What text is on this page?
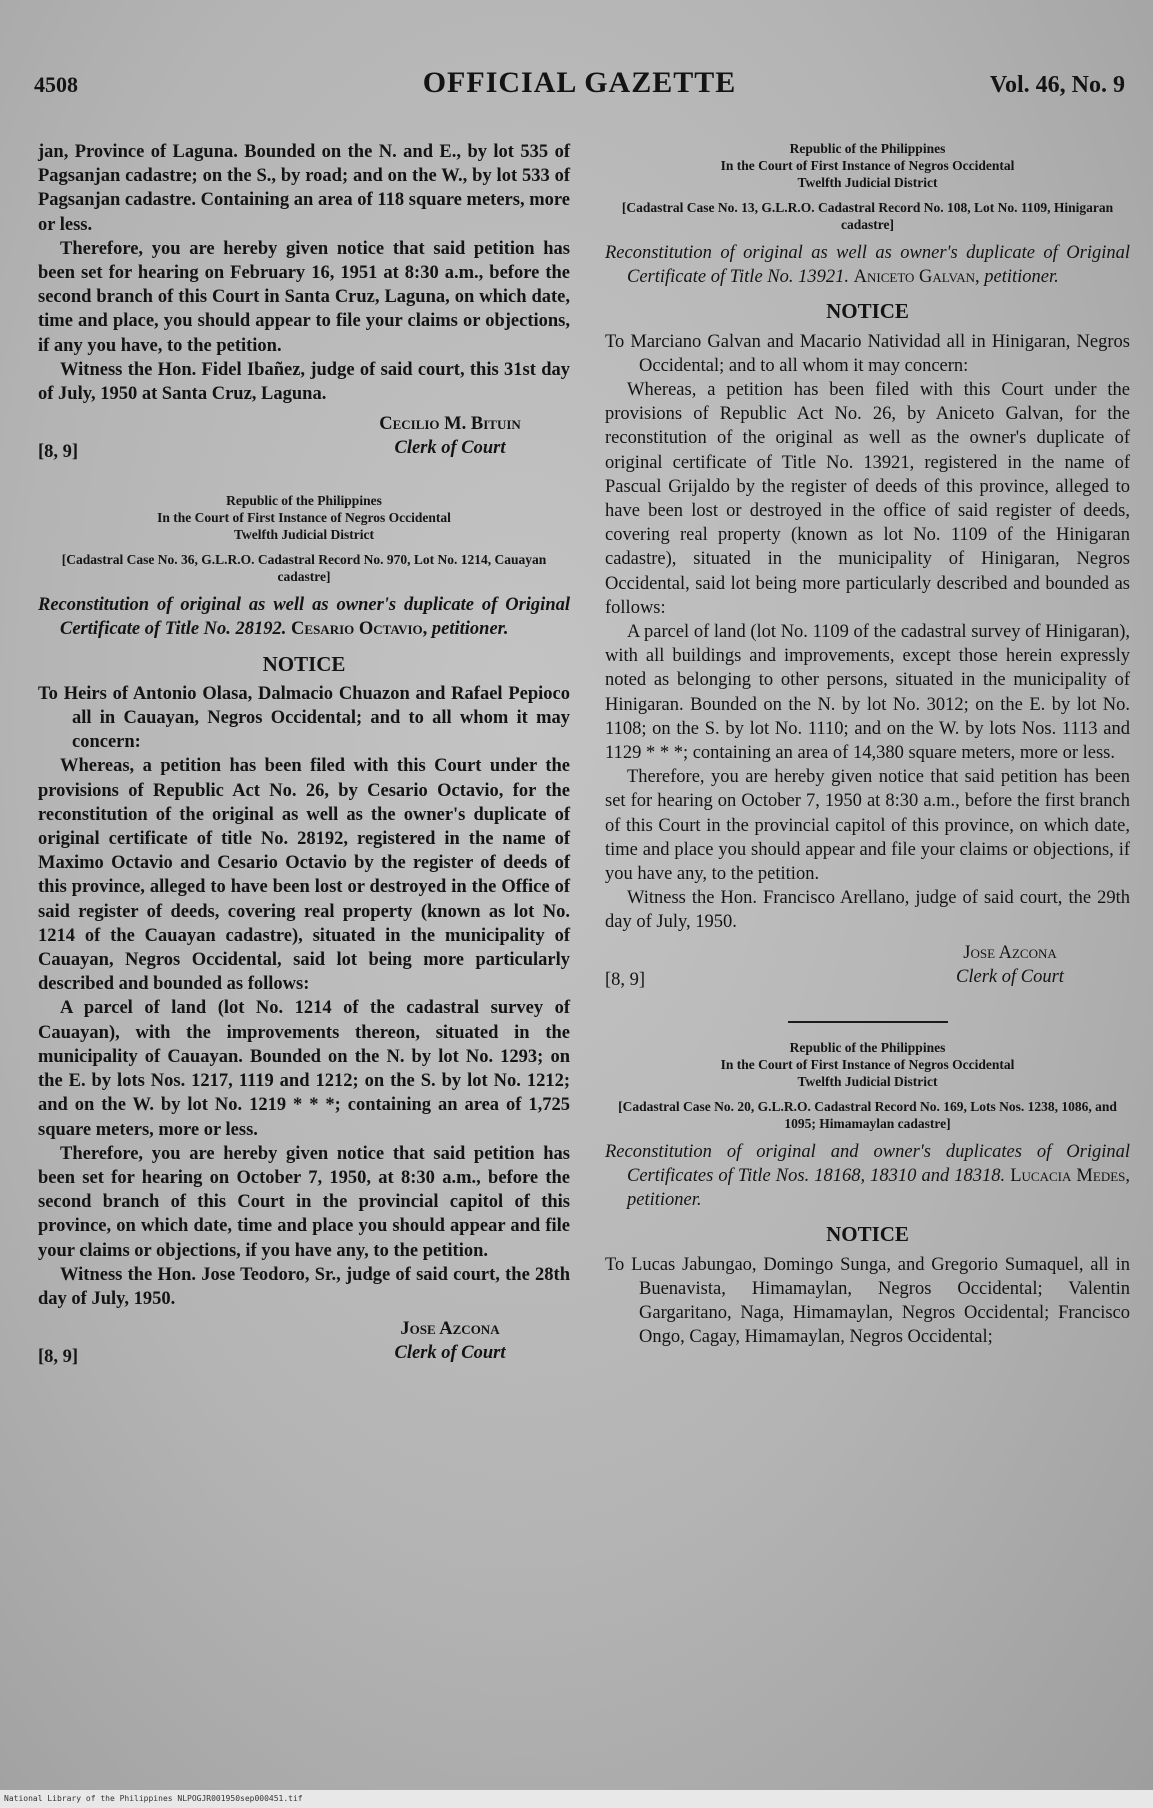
4508	OFFICIAL GAZETTE	Vol. 46, No. 9

jan, Province of Laguna. Bounded on the N. and E., by lot 535 of Pagsanjan cadastre; on the S., by road; and on the W., by lot 533 of Pagsanjan cadastre. Containing an area of 118 square meters, more or less.

Therefore, you are hereby given notice that said petition has been set for hearing on February 16, 1951 at 8:30 a.m., before the second branch of this Court in Santa Cruz, Laguna, on which date, time and place, you should appear to file your claims or objections, if any you have, to the petition.

Witness the Hon. Fidel Ibañez, judge of said court, this 31st day of July, 1950 at Santa Cruz, Laguna.

Cecilio M. Bituin
Clerk of Court
[8, 9]
Republic of the Philippines
In the Court of First Instance of Negros Occidental
Twelfth Judicial District

[Cadastral Case No. 36, G.L.R.O. Cadastral Record No. 970, Lot No. 1214, Cauayan cadastre]

Reconstitution of original as well as owner's duplicate of Original Certificate of Title No. 28192. Cesario Octavio, petitioner.

NOTICE

To Heirs of Antonio Olasa, Dalmacio Chuazon and Rafael Pepioco all in Cauayan, Negros Occidental; and to all whom it may concern:

Whereas, a petition has been filed with this Court under the provisions of Republic Act No. 26, by Cesario Octavio, for the reconstitution of the original as well as the owner's duplicate of original certificate of title No. 28192, registered in the name of Maximo Octavio and Cesario Octavio by the register of deeds of this province, alleged to have been lost or destroyed in the Office of said register of deeds, covering real property (known as lot No. 1214 of the Cauayan cadastre), situated in the municipality of Cauayan, Negros Occidental, said lot being more particularly described and bounded as follows:

A parcel of land (lot No. 1214 of the cadastral survey of Cauayan), with the improvements thereon, situated in the municipality of Cauayan. Bounded on the N. by lot No. 1293; on the E. by lots Nos. 1217, 1119 and 1212; on the S. by lot No. 1212; and on the W. by lot No. 1219 * * *; containing an area of 1,725 square meters, more or less.

Therefore, you are hereby given notice that said petition has been set for hearing on October 7, 1950, at 8:30 a.m., before the second branch of this Court in the provincial capitol of this province, on which date, time and place you should appear and file your claims or objections, if you have any, to the petition.

Witness the Hon. Jose Teodoro, Sr., judge of said court, the 28th day of July, 1950.

Jose Azcona
Clerk of Court
[8, 9]
Republic of the Philippines
In the Court of First Instance of Negros Occidental
Twelfth Judicial District

[Cadastral Case No. 13, G.L.R.O. Cadastral Record No. 108, Lot No. 1109, Hinigaran cadastre]

Reconstitution of original as well as owner's duplicate of Original Certificate of Title No. 13921. Aniceto Galvan, petitioner.

NOTICE

To Marciano Galvan and Macario Natividad all in Hinigaran, Negros Occidental; and to all whom it may concern:

Whereas, a petition has been filed with this Court under the provisions of Republic Act No. 26, by Aniceto Galvan, for the reconstitution of the original as well as the owner's duplicate of original certificate of Title No. 13921, registered in the name of Pascual Grijaldo by the register of deeds of this province, alleged to have been lost or destroyed in the office of said register of deeds, covering real property (known as lot No. 1109 of the Hinigaran cadastre), situated in the municipality of Hinigaran, Negros Occidental, said lot being more particularly described and bounded as follows:

A parcel of land (lot No. 1109 of the cadastral survey of Hinigaran), with all buildings and improvements, except those herein expressly noted as belonging to other persons, situated in the municipality of Hinigaran. Bounded on the N. by lot No. 3012; on the E. by lot No. 1108; on the S. by lot No. 1110; and on the W. by lots Nos. 1113 and 1129 * * *; containing an area of 14,380 square meters, more or less.

Therefore, you are hereby given notice that said petition has been set for hearing on October 7, 1950 at 8:30 a.m., before the first branch of this Court in the provincial capitol of this province, on which date, time and place you should appear and file your claims or objections, if you have any, to the petition.

Witness the Hon. Francisco Arellano, judge of said court, the 29th day of July, 1950.

Jose Azcona
Clerk of Court
[8, 9]
Republic of the Philippines
In the Court of First Instance of Negros Occidental
Twelfth Judicial District

[Cadastral Case No. 20, G.L.R.O. Cadastral Record No. 169, Lots Nos. 1238, 1086, and 1095; Himamaylan cadastre]

Reconstitution of original and owner's duplicates of Original Certificates of Title Nos. 18168, 18310 and 18318. Lucacia Medes, petitioner.

NOTICE

To Lucas Jabungao, Domingo Sunga, and Gregorio Sumaquel, all in Buenavista, Himamaylan, Negros Occidental; Valentin Gargaritano, Naga, Himamaylan, Negros Occidental; Francisco Ongo, Cagay, Himamaylan, Negros Occidental;

National Library of the Philippines NLPOGJR001950sep000451.tif
